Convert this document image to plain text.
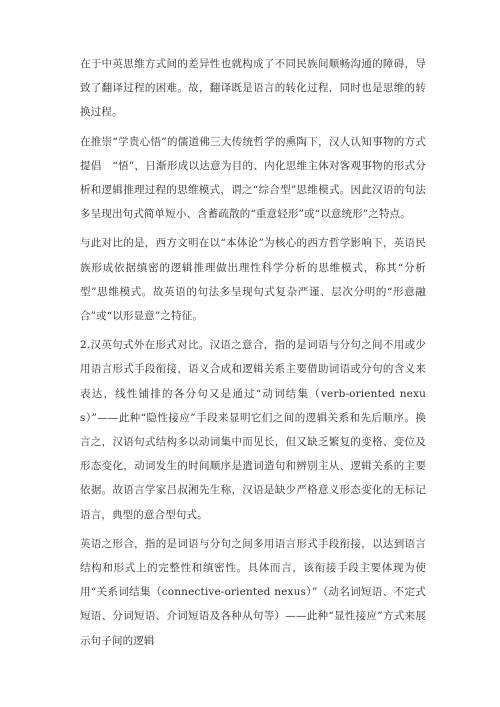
在于中英思维方式间的差异性也就构成了不同民族间顺畅沟通的障碍，导致了翻译过程的困难。故，翻译既是语言的转化过程，同时也是思维的转换过程。

在推崇“学贵心悟”的儒道佛三大传统哲学的熏陶下，汉人认知事物的方式提倡　“悟”，日渐形成以达意为目的、内化思维主体对客观事物的形式分析和逻辑推理过程的思维模式，谓之“综合型”思维模式。因此汉语的句法多呈现出句式简单短小、含蓄疏散的“重意轻形”或“以意统形”之特点。

与此对比的是，西方文明在以“本体论”为核心的西方哲学影响下，英语民族形成依据缜密的逻辑推理做出理性科学分析的思维模式，称其“分析型”思维模式。故英语的句法多呈现句式复杂严谨、层次分明的“形意融合”或“以形显意”之特征。

2.汉英句式外在形式对比。汉语之意合，指的是词语与分句之间不用或少用语言形式手段衔接，语义合成和逻辑关系主要借助词语或分句的含义来表达，线性铺排的各分句又是通过“动词结集（verb-oriented nexus）”——此种“隐性接应”手段来显明它们之间的逻辑关系和先后顺序。换言之，汉语句式结构多以动词集中而见长，但又缺乏繁复的变格、变位及形态变化，动词发生的时间顺序是遣词造句和辨别主从、逻辑关系的主要依据。故语言学家吕叔湘先生称，汉语是缺少严格意义形态变化的无标记语言，典型的意合型句式。

英语之形合，指的是词语与分句之间多用语言形式手段衔接，以达到语言结构和形式上的完整性和缜密性。具体而言，该衔接手段主要体现为使用“关系词结集（connective-oriented nexus）”（动名词短语、不定式短语、分词短语、介词短语及各种从句等）——此种“显性接应”方式来展示句子间的逻辑
